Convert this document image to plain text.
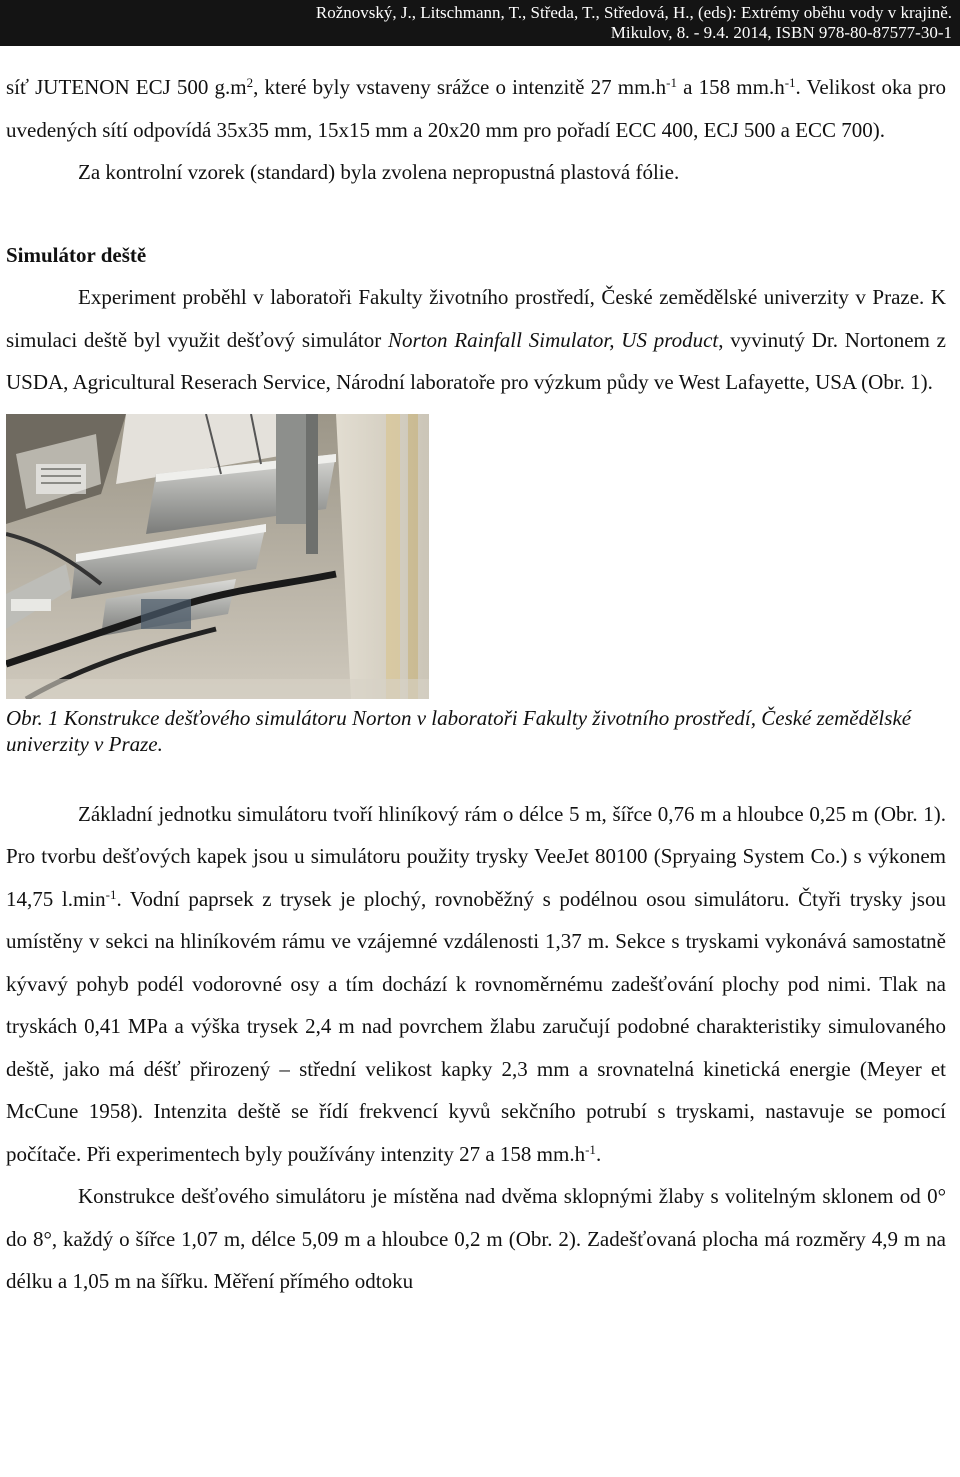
Rožnovský, J., Litschmann, T., Středa, T., Středová, H., (eds): Extrémy oběhu vody v krajině.
Mikulov, 8. - 9.4. 2014, ISBN 978-80-87577-30-1

síť JUTENON ECJ 500 $g.m^2$, které byly vstaveny srážce o intenzitě 27 $mm.h^{-1}$ a 158 $mm.h^{-1}$. Velikost oka pro uvedených sítí odpovídá 35x35 mm, 15x15 mm a 20x20 mm pro pořadí ECC 400, ECJ 500 a ECC 700).

Za kontrolní vzorek (standard) byla zvolena nepropustná plastová fólie.

Simulátor deště

Experiment proběhl v laboratoři Fakulty životního prostředí, České zemědělské univerzity v Praze. K simulaci deště byl využit dešťový simulátor Norton Rainfall Simulator, US product, vyvinutý Dr. Nortonem z USDA, Agricultural Reserach Service, Národní laboratoře pro výzkum půdy ve West Lafayette, USA (Obr. 1).

Obr. 1 Konstrukce dešťového simulátoru Norton v laboratoři Fakulty životního prostředí, České zemědělské univerzity v Praze.

Základní jednotku simulátoru tvoří hliníkový rám o délce 5 m, šířce 0,76 m a hloubce 0,25 m (Obr. 1). Pro tvorbu dešťových kapek jsou u simulátoru použity trysky VeeJet 80100 (Spryaing System Co.) s výkonem 14,75 $l.\min^{-1}$. Vodní paprsek z trysek je plochý, rovnoběžný s podélnou osou simulátoru. Čtyři trysky jsou umístěny v sekci na hliníkovém rámu ve vzájemné vzdálenosti 1,37 m. Sekce s tryskami vykonává samostatně kývavý pohyb podél vodorovné osy a tím dochází k rovnoměrnému zadešťování plochy pod nimi. Tlak na tryskách 0,41 MPa a výška trysek 2,4 m nad povrchem žlabu zaručují podobné charakteristiky simulovaného deště, jako má déšť přirozený – střední velikost kapky 2,3 mm a srovnatelná kinetická energie (Meyer et McCune 1958). Intenzita deště se řídí frekvencí kyvů sekčního potrubí s tryskami, nastavuje se pomocí počítače. Při experimentech byly používány intenzity 27 a 158 $mm.h^{-1}$.

Konstrukce dešťového simulátoru je místěna nad dvěma sklopnými žlaby s volitelným sklonem od 0° do 8°, každý o šířce 1,07 m, délce 5,09 m a hloubce 0,2 m (Obr. 2). Zadešťovaná plocha má rozměry 4,9 m na délku a 1,05 m na šířku. Měření přímého odtoku
